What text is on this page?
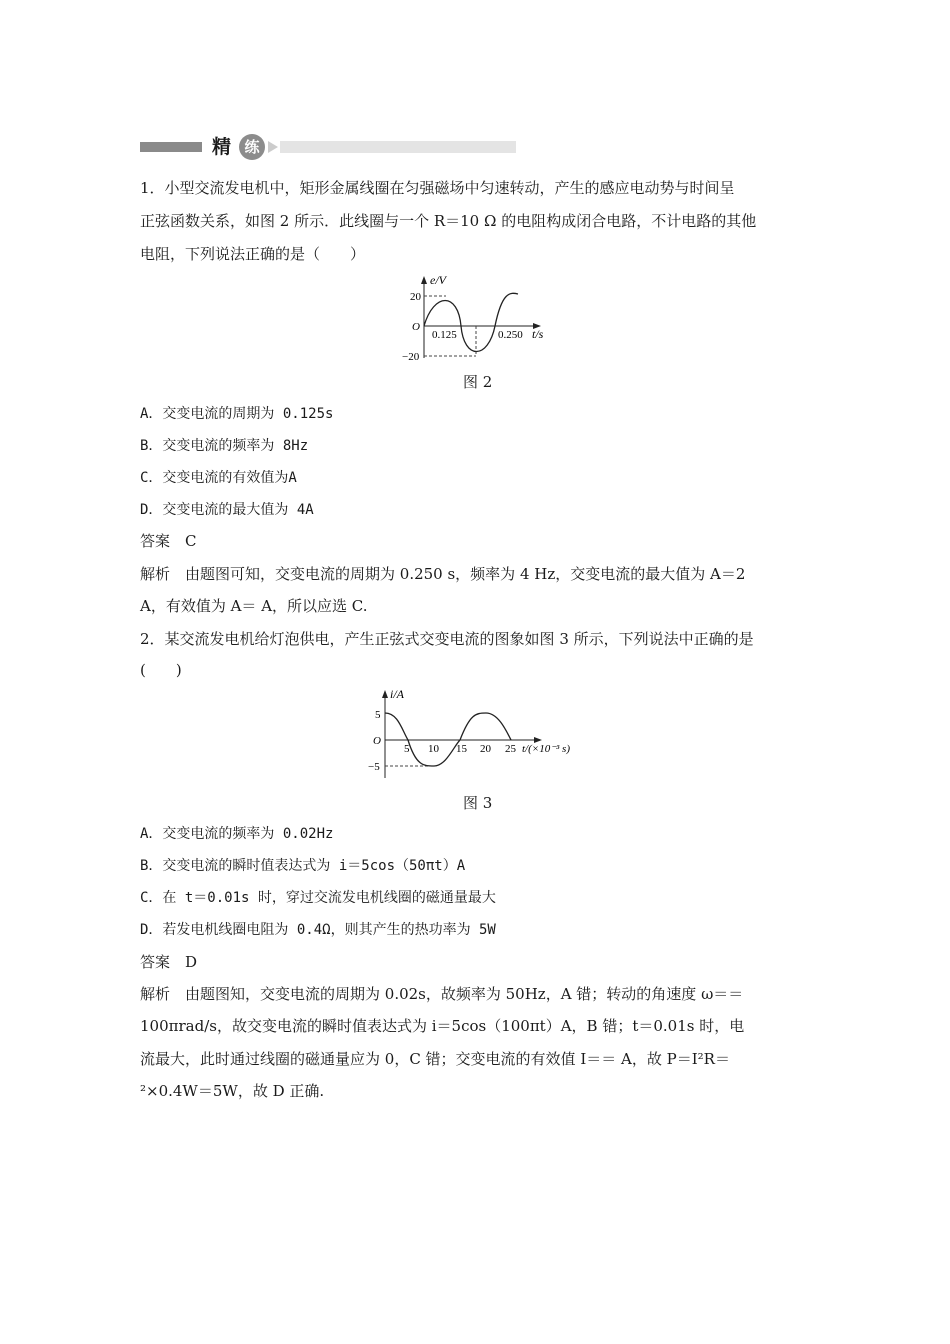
精 练
1．小型交流发电机中，矩形金属线圈在匀强磁场中匀速转动，产生的感应电动势与时间呈
正弦函数关系，如图 2 所示．此线圈与一个 R＝10 Ω 的电阻构成闭合电路，不计电路的其他
电阻，下列说法正确的是（　　）
e/V
20
O
−20
0.125	0.250 t/s
图 2
A．交变电流的周期为 0.125s
B．交变电流的频率为 8Hz
C．交变电流的有效值为A
D．交变电流的最大值为 4A
答案　C
解析　由题图可知，交变电流的周期为 0.250 s，频率为 4 Hz，交变电流的最大值为 A＝2
A，有效值为 A＝ A，所以应选 C.
2．某交流发电机给灯泡供电，产生正弦式交变电流的图象如图 3 所示，下列说法中正确的是
(　　)
i/A
5
O
−5
5 10 15 20 25 t/(×10⁻³ s)
图 3
A．交变电流的频率为 0.02Hz
B．交变电流的瞬时值表达式为 i＝5cos（50πt）A
C．在 t＝0.01s 时，穿过交流发电机线圈的磁通量最大
D．若发电机线圈电阻为 0.4Ω，则其产生的热功率为 5W
答案　D
解析　由题图知，交变电流的周期为 0.02s，故频率为 50Hz，A 错；转动的角速度 ω＝＝
100πrad/s，故交变电流的瞬时值表达式为 i＝5cos（100πt）A，B 错；t＝0.01s 时，电
流最大，此时通过线圈的磁通量应为 0，C 错；交变电流的有效值 I＝＝ A，故 P＝I²R＝
²×0.4W＝5W，故 D 正确.
